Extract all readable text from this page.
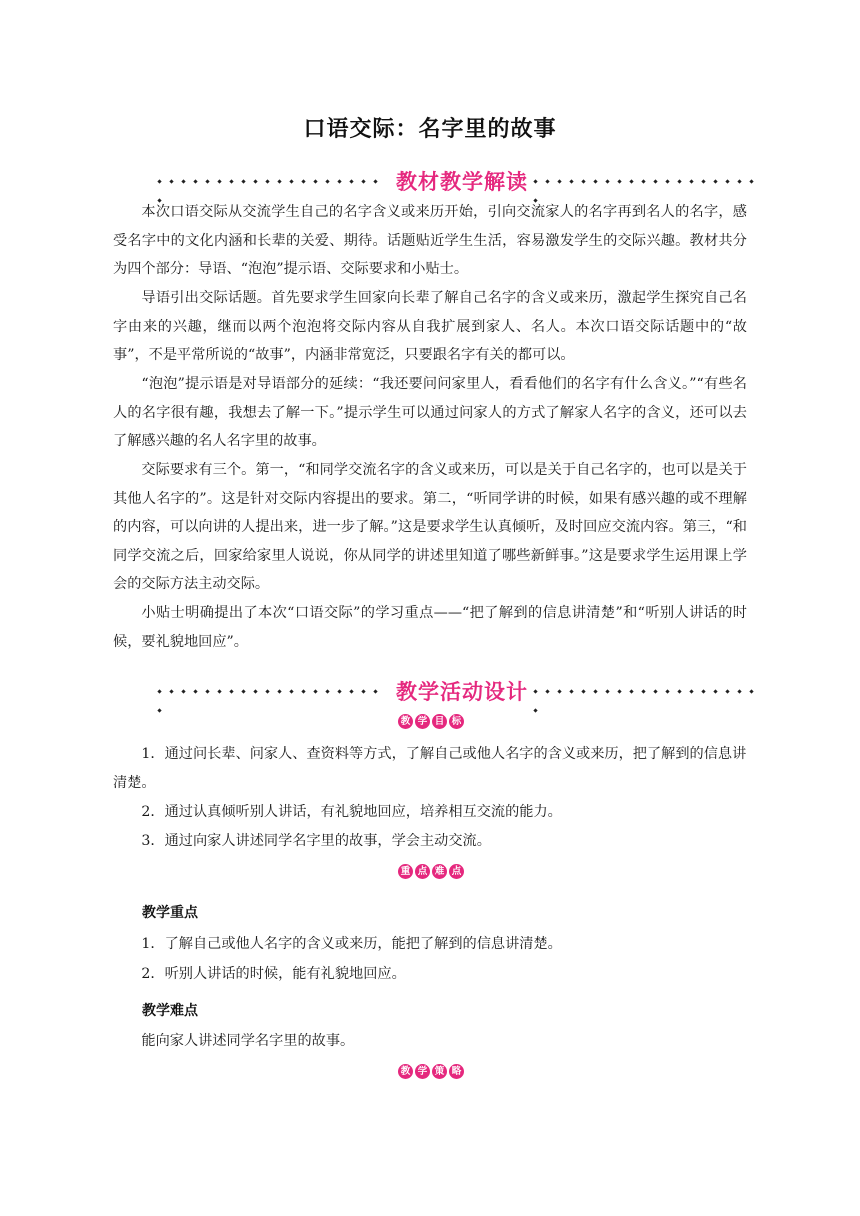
口语交际：名字里的故事
教材教学解读

本次口语交际从交流学生自己的名字含义或来历开始，引向交流家人的名字再到名人的名字，感受名字中的文化内涵和长辈的关爱、期待。话题贴近学生生活，容易激发学生的交际兴趣。教材共分为四个部分：导语、“泡泡”提示语、交际要求和小贴士。

导语引出交际话题。首先要求学生回家向长辈了解自己名字的含义或来历，激起学生探究自己名字由来的兴趣，继而以两个泡泡将交际内容从自我扩展到家人、名人。本次口语交际话题中的“故事”，不是平常所说的“故事”，内涵非常宽泛，只要跟名字有关的都可以。

“泡泡”提示语是对导语部分的延续：“我还要问问家里人，看看他们的名字有什么含义。”“有些名人的名字很有趣，我想去了解一下。”提示学生可以通过问家人的方式了解家人名字的含义，还可以去了解感兴趣的名人名字里的故事。

交际要求有三个。第一，“和同学交流名字的含义或来历，可以是关于自己名字的，也可以是关于其他人名字的”。这是针对交际内容提出的要求。第二，“听同学讲的时候，如果有感兴趣的或不理解的内容，可以向讲的人提出来，进一步了解。”这是要求学生认真倾听，及时回应交流内容。第三，“和同学交流之后，回家给家里人说说，你从同学的讲述里知道了哪些新鲜事。”这是要求学生运用课上学会的交际方法主动交际。

小贴士明确提出了本次“口语交际”的学习重点——“把了解到的信息讲清楚”和“听别人讲话的时候，要礼貌地回应”。

教学活动设计
教 学 目 标

1．通过问长辈、问家人、查资料等方式，了解自己或他人名字的含义或来历，把了解到的信息讲清楚。

2．通过认真倾听别人讲话，有礼貌地回应，培养相互交流的能力。

3．通过向家人讲述同学名字里的故事，学会主动交流。

重 点 难 点
教学重点

1．了解自己或他人名字的含义或来历，能把了解到的信息讲清楚。

2．听别人讲话的时候，能有礼貌地回应。

教学难点

能向家人讲述同学名字里的故事。

教 学 策 略
